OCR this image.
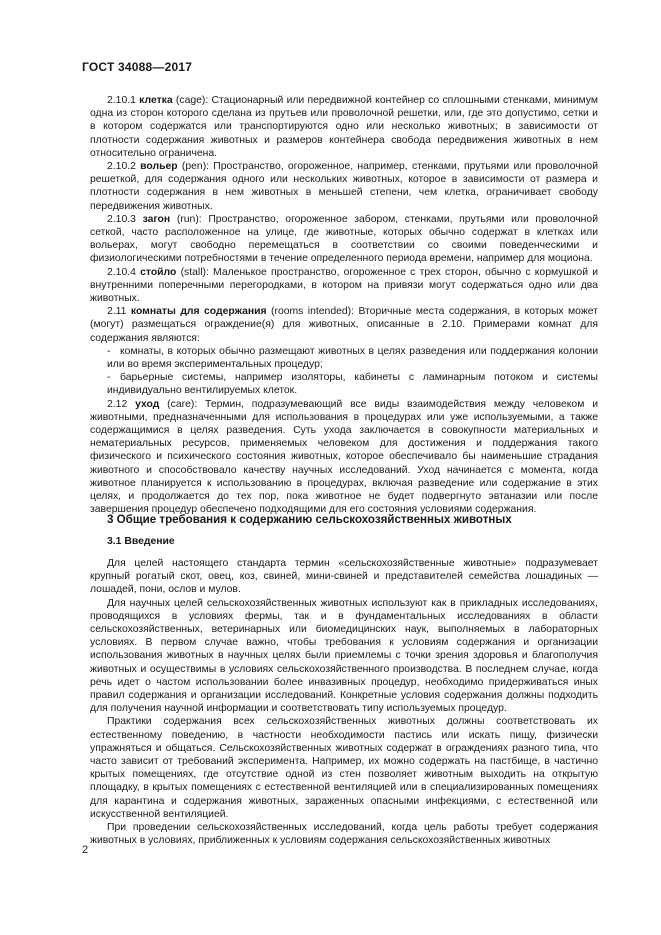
ГОСТ 34088—2017

2.10.1 клетка (cage): Стационарный или передвижной контейнер со сплошными стенками, минимум одна из сторон которого сделана из прутьев или проволочной решетки, или, где это допустимо, сетки и в котором содержатся или транспортируются одно или несколько животных; в зависимости от плотности содержания животных и размеров контейнера свобода передвижения животных в нем относительно ограничена.

2.10.2 вольер (pen): Пространство, огороженное, например, стенками, прутьями или проволочной решеткой, для содержания одного или нескольких животных, которое в зависимости от размера и плотности содержания в нем животных в меньшей степени, чем клетка, ограничивает свободу передвижения животных.

2.10.3 загон (run): Пространство, огороженное забором, стенками, прутьями или проволочной сеткой, часто расположенное на улице, где животные, которых обычно содержат в клетках или вольерах, могут свободно перемещаться в соответствии со своими поведенческими и физиологическими потребностями в течение определенного периода времени, например для моциона.

2.10.4 стойло (stall): Маленькое пространство, огороженное с трех сторон, обычно с кормушкой и внутренними поперечными перегородками, в котором на привязи могут содержаться одно или два животных.

2.11 комнаты для содержания (rooms intended): Вторичные места содержания, в которых может (могут) размещаться ограждение(я) для животных, описанные в 2.10. Примерами комнат для содержания являются:

- комнаты, в которых обычно размещают животных в целях разведения или поддержания колонии или во время экспериментальных процедур;

- барьерные системы, например изоляторы, кабинеты с ламинарным потоком и системы индивидуально вентилируемых клеток.

2.12 уход (care): Термин, подразумевающий все виды взаимодействия между человеком и животными, предназначенными для использования в процедурах или уже используемыми, а также содержащимися в целях разведения. Суть ухода заключается в совокупности материальных и нематериальных ресурсов, применяемых человеком для достижения и поддержания такого физического и психического состояния животных, которое обеспечивало бы наименьшие страдания животного и способствовало качеству научных исследований. Уход начинается с момента, когда животное планируется к использованию в процедурах, включая разведение или содержание в этих целях, и продолжается до тех пор, пока животное не будет подвергнуто эвтаназии или после завершения процедур обеспечено подходящими для его состояния условиями содержания.

3 Общие требования к содержанию сельскохозяйственных животных
3.1 Введение

Для целей настоящего стандарта термин «сельскохозяйственные животные» подразумевает крупный рогатый скот, овец, коз, свиней, мини-свиней и представителей семейства лошадиных — лошадей, пони, ослов и мулов.

Для научных целей сельскохозяйственных животных используют как в прикладных исследованиях, проводящихся в условиях фермы, так и в фундаментальных исследованиях в области сельскохозяйственных, ветеринарных или биомедицинских наук, выполняемых в лабораторных условиях. В первом случае важно, чтобы требования к условиям содержания и организации использования животных в научных целях были приемлемы с точки зрения здоровья и благополучия животных и осуществимы в условиях сельскохозяйственного производства. В последнем случае, когда речь идет о частом использовании более инвазивных процедур, необходимо придерживаться иных правил содержания и организации исследований. Конкретные условия содержания должны подходить для получения научной информации и соответствовать типу используемых процедур.

Практики содержания всех сельскохозяйственных животных должны соответствовать их естественному поведению, в частности необходимости пастись или искать пищу, физически упражняться и общаться. Сельскохозяйственных животных содержат в ограждениях разного типа, что часто зависит от требований эксперимента. Например, их можно содержать на пастбище, в частично крытых помещениях, где отсутствие одной из стен позволяет животным выходить на открытую площадку, в крытых помещениях с естественной вентиляцией или в специализированных помещениях для карантина и содержания животных, зараженных опасными инфекциями, с естественной или искусственной вентиляцией.

При проведении сельскохозяйственных исследований, когда цель работы требует содержания животных в условиях, приближенных к условиям содержания сельскохозяйственных животных

2
